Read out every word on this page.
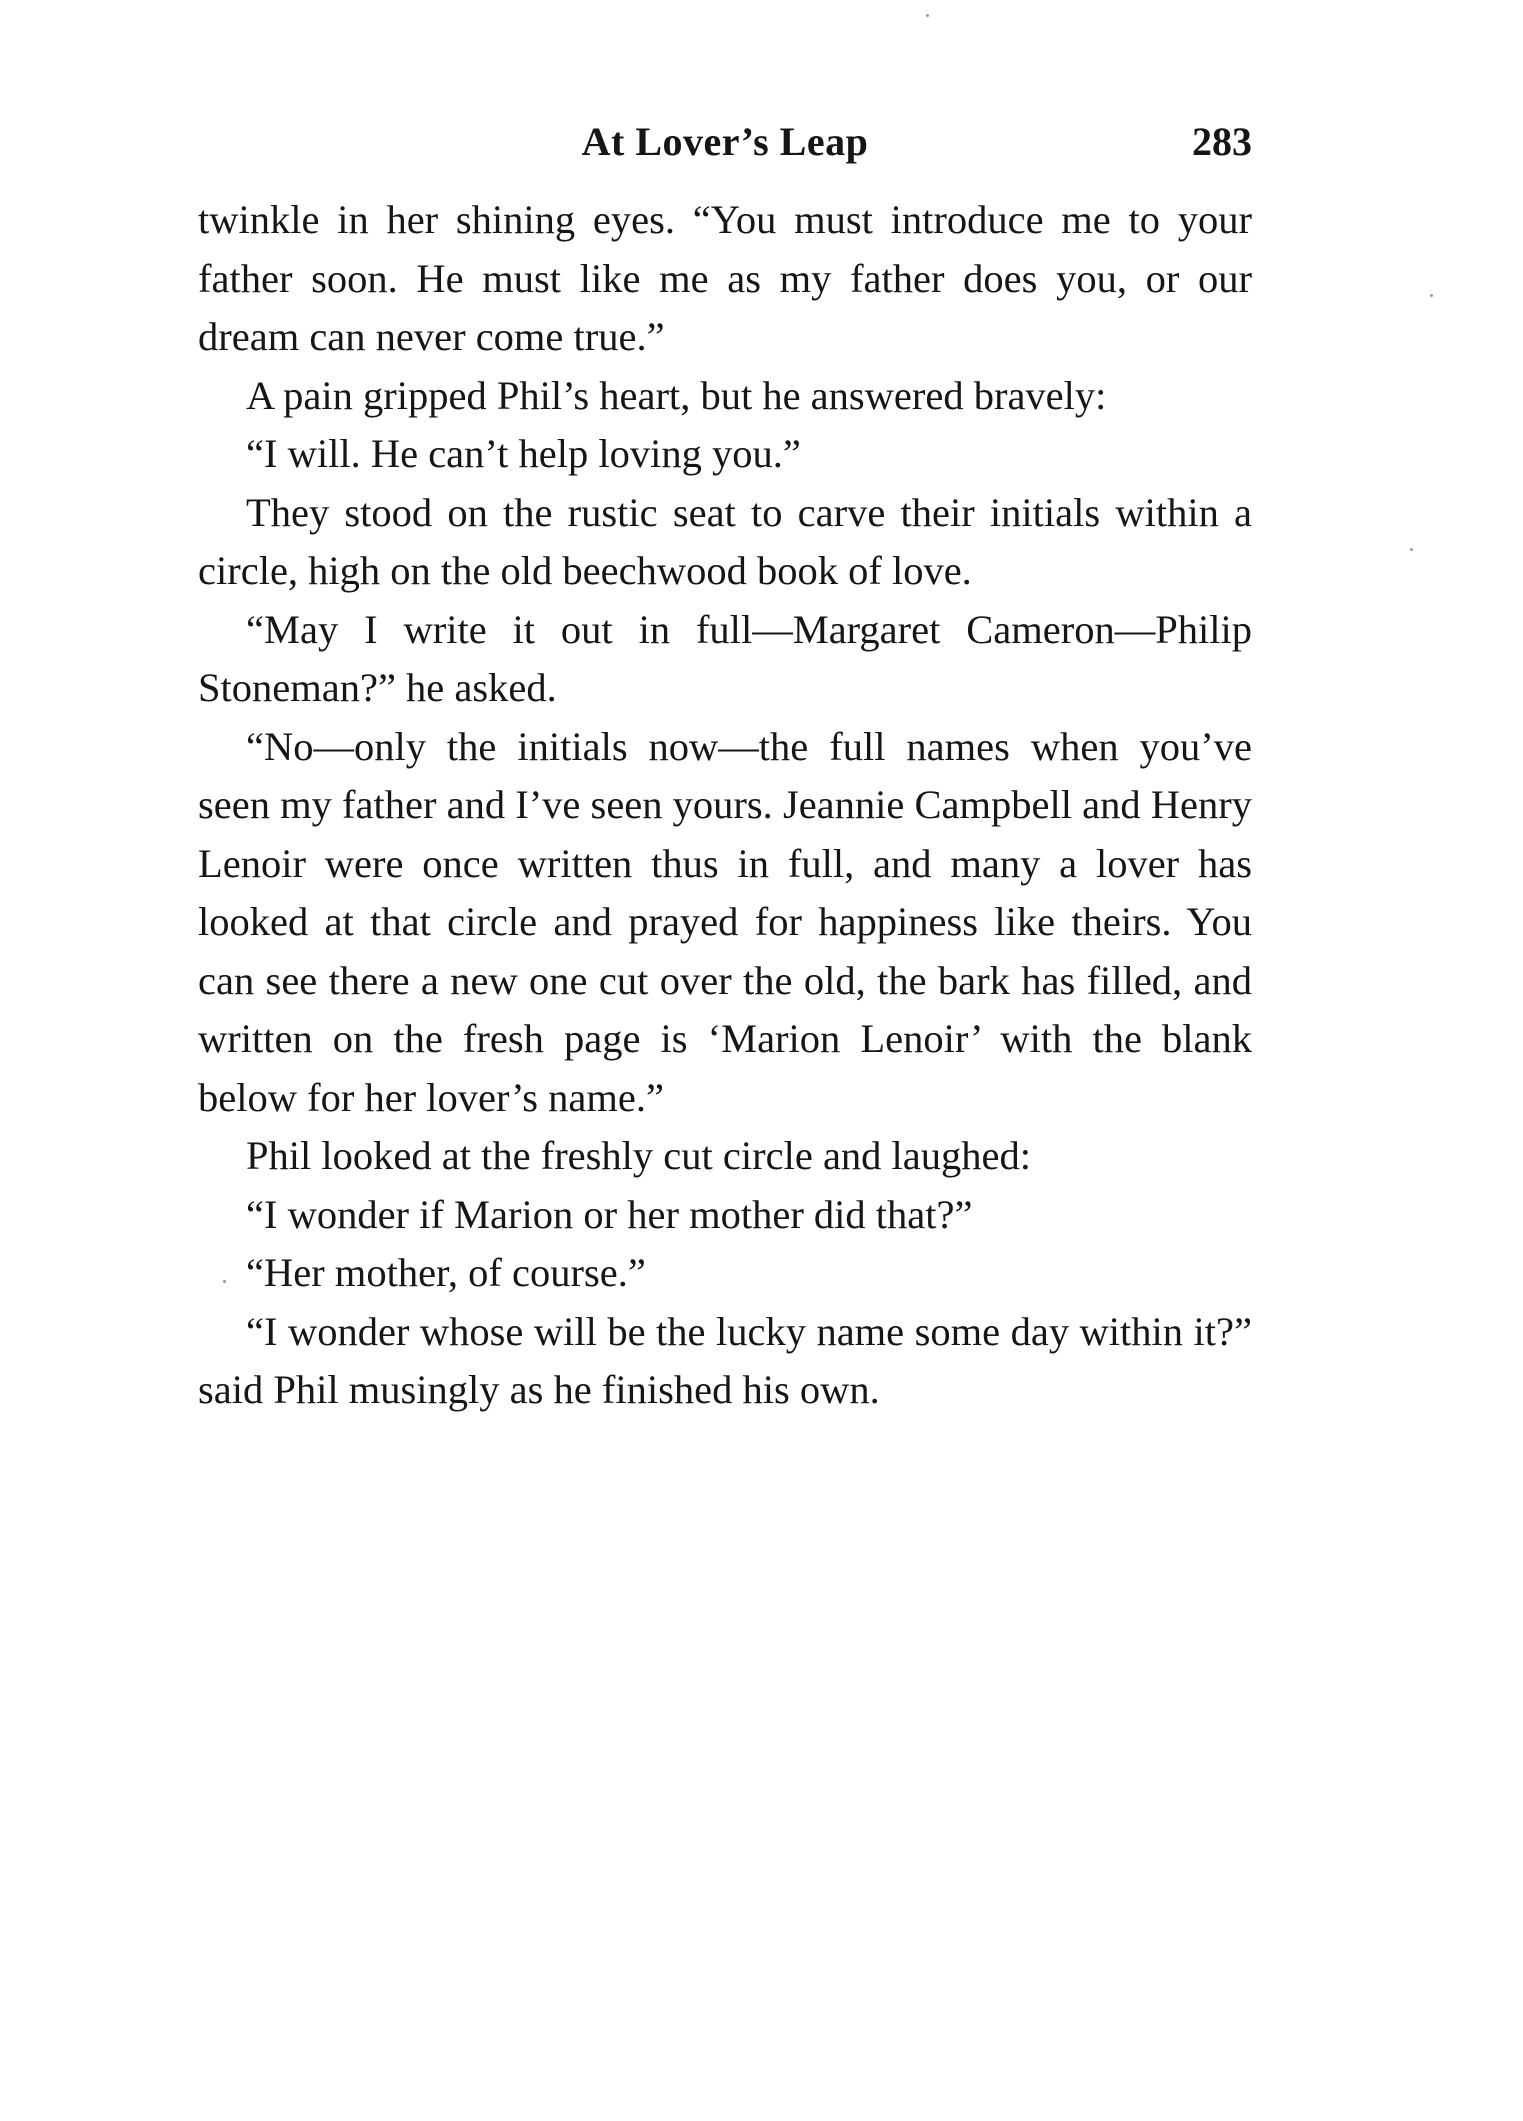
At Lover’s Leap	283

twinkle in her shining eyes. “You must introduce me to your father soon. He must like me as my father does you, or our dream can never come true.”

A pain gripped Phil’s heart, but he answered bravely:

“I will. He can’t help loving you.”

They stood on the rustic seat to carve their initials within a circle, high on the old beechwood book of love.

“May I write it out in full—Margaret Cameron—Philip Stoneman?” he asked.

“No—only the initials now—the full names when you’ve seen my father and I’ve seen yours. Jeannie Campbell and Henry Lenoir were once written thus in full, and many a lover has looked at that circle and prayed for happiness like theirs. You can see there a new one cut over the old, the bark has filled, and written on the fresh page is ‘Marion Lenoir’ with the blank below for her lover’s name.”

Phil looked at the freshly cut circle and laughed:

“I wonder if Marion or her mother did that?”

“Her mother, of course.”

“I wonder whose will be the lucky name some day within it?” said Phil musingly as he finished his own.
